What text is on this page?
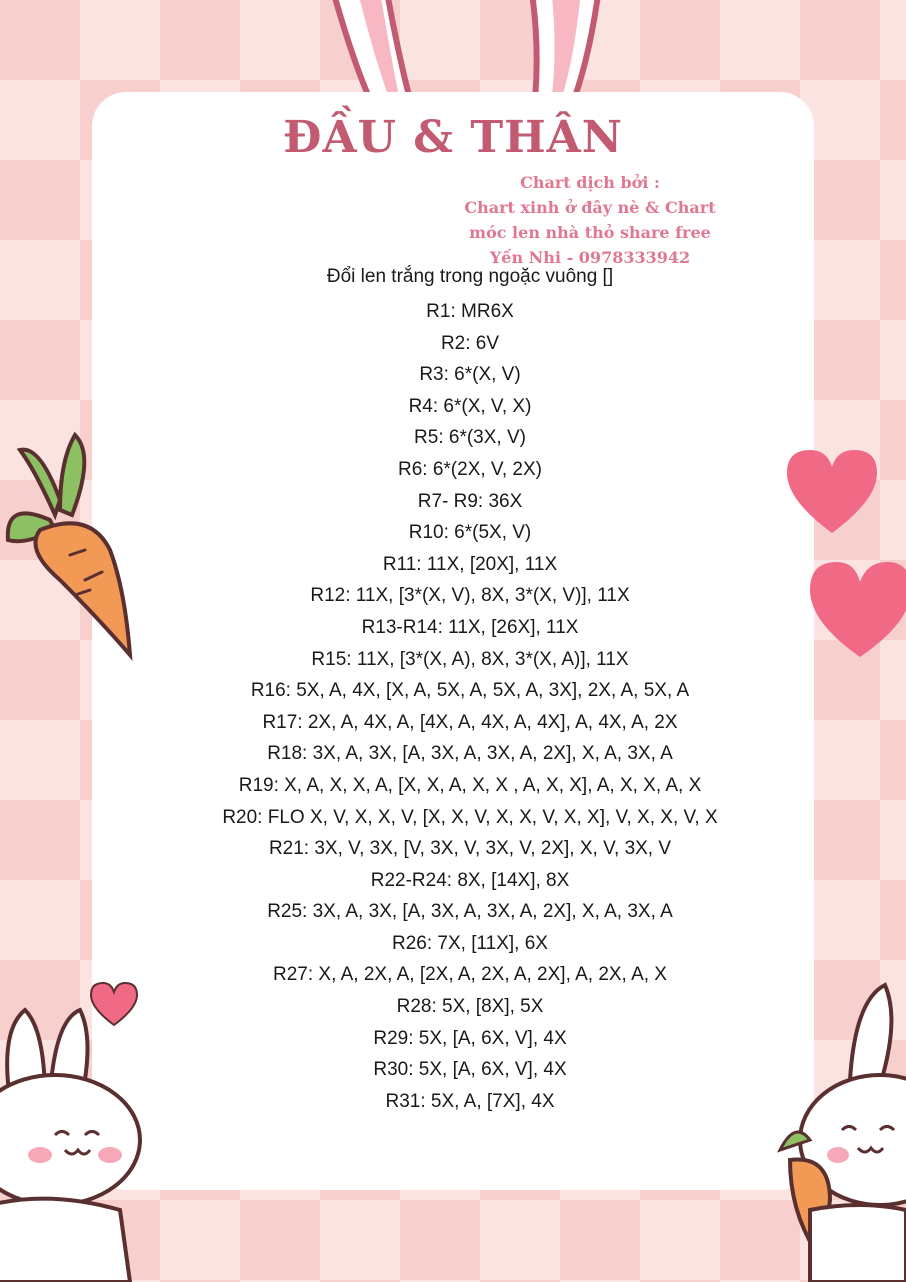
ĐẦU & THÂN
Chart dịch bởi :
Chart xinh ở đây nè & Chart
móc len nhà thỏ share free
Yến Nhi - 0978333942
Đổi len trắng trong ngoặc vuông []
R1: MR6X
R2: 6V
R3: 6*(X, V)
R4: 6*(X, V, X)
R5: 6*(3X, V)
R6: 6*(2X, V, 2X)
R7- R9: 36X
R10: 6*(5X, V)
R11: 11X, [20X], 11X
R12: 11X, [3*(X, V), 8X, 3*(X, V)], 11X
R13-R14: 11X, [26X], 11X
R15: 11X, [3*(X, A), 8X, 3*(X, A)], 11X
R16: 5X, A, 4X, [X, A, 5X, A, 5X, A, 3X], 2X, A, 5X, A
R17: 2X, A, 4X, A, [4X, A, 4X, A, 4X], A, 4X, A, 2X
R18: 3X, A, 3X, [A, 3X, A, 3X, A, 2X], X, A, 3X, A
R19: X, A, X, X, A, [X, X, A, X, X , A, X, X], A, X, X, A, X
R20: FLO X, V, X, X, V, [X, X, V, X, X, V, X, X], V, X, X, V, X
R21: 3X, V, 3X, [V, 3X, V, 3X, V, 2X], X, V, 3X, V
R22-R24: 8X, [14X], 8X
R25: 3X, A, 3X, [A, 3X, A, 3X, A, 2X], X, A, 3X, A
R26: 7X, [11X], 6X
R27: X, A, 2X, A, [2X, A, 2X, A, 2X], A, 2X, A, X
R28: 5X, [8X], 5X
R29: 5X, [A, 6X, V], 4X
R30: 5X, [A, 6X, V], 4X
R31: 5X, A, [7X], 4X
